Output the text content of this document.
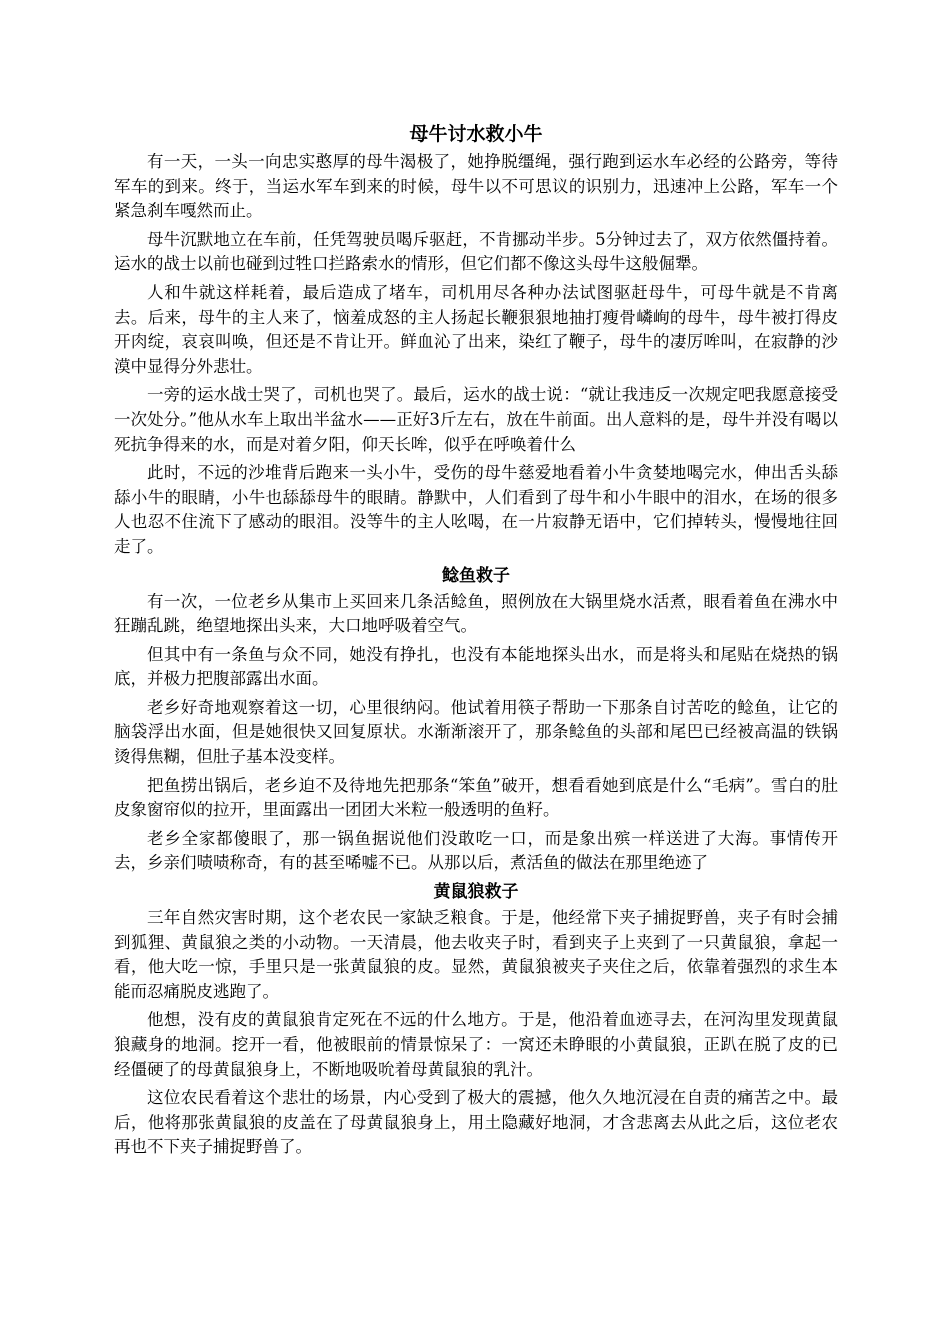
母牛讨水救小牛

有一天，一头一向忠实憨厚的母牛渴极了，她挣脱缰绳，强行跑到运水车必经的公路旁，等待军车的到来。终于，当运水军车到来的时候，母牛以不可思议的识别力，迅速冲上公路，军车一个紧急刹车嘎然而止。

母牛沉默地立在车前，任凭驾驶员喝斥驱赶，不肯挪动半步。5分钟过去了，双方依然僵持着。运水的战士以前也碰到过牲口拦路索水的情形，但它们都不像这头母牛这般倔犟。

人和牛就这样耗着，最后造成了堵车，司机用尽各种办法试图驱赶母牛，可母牛就是不肯离去。后来，母牛的主人来了，恼羞成怒的主人扬起长鞭狠狠地抽打瘦骨嶙峋的母牛，母牛被打得皮开肉绽，哀哀叫唤，但还是不肯让开。鲜血沁了出来，染红了鞭子，母牛的凄厉哞叫，在寂静的沙漠中显得分外悲壮。

一旁的运水战士哭了，司机也哭了。最后，运水的战士说：“就让我违反一次规定吧我愿意接受一次处分。”他从水车上取出半盆水——正好3斤左右，放在牛前面。出人意料的是，母牛并没有喝以死抗争得来的水，而是对着夕阳，仰天长哞，似乎在呼唤着什么

此时，不远的沙堆背后跑来一头小牛，受伤的母牛慈爱地看着小牛贪婪地喝完水，伸出舌头舔舔小牛的眼睛，小牛也舔舔母牛的眼睛。静默中，人们看到了母牛和小牛眼中的泪水，在场的很多人也忍不住流下了感动的眼泪。没等牛的主人吆喝，在一片寂静无语中，它们掉转头，慢慢地往回走了。

鲶鱼救子

有一次，一位老乡从集市上买回来几条活鲶鱼，照例放在大锅里烧水活煮，眼看着鱼在沸水中狂蹦乱跳，绝望地探出头来，大口地呼吸着空气。

但其中有一条鱼与众不同，她没有挣扎，也没有本能地探头出水，而是将头和尾贴在烧热的锅底，并极力把腹部露出水面。

老乡好奇地观察着这一切，心里很纳闷。他试着用筷子帮助一下那条自讨苦吃的鲶鱼，让它的脑袋浮出水面，但是她很快又回复原状。水渐渐滚开了，那条鲶鱼的头部和尾巴已经被高温的铁锅烫得焦糊，但肚子基本没变样。

把鱼捞出锅后，老乡迫不及待地先把那条“笨鱼”破开，想看看她到底是什么“毛病”。雪白的肚皮象窗帘似的拉开，里面露出一团团大米粒一般透明的鱼籽。

老乡全家都傻眼了，那一锅鱼据说他们没敢吃一口，而是象出殡一样送进了大海。事情传开去，乡亲们啧啧称奇，有的甚至唏嘘不已。从那以后，煮活鱼的做法在那里绝迹了

黄鼠狼救子

三年自然灾害时期，这个老农民一家缺乏粮食。于是，他经常下夹子捕捉野兽，夹子有时会捕到狐狸、黄鼠狼之类的小动物。一天清晨，他去收夹子时，看到夹子上夹到了一只黄鼠狼，拿起一看，他大吃一惊，手里只是一张黄鼠狼的皮。显然，黄鼠狼被夹子夹住之后，依靠着强烈的求生本能而忍痛脱皮逃跑了。

他想，没有皮的黄鼠狼肯定死在不远的什么地方。于是，他沿着血迹寻去，在河沟里发现黄鼠狼藏身的地洞。挖开一看，他被眼前的情景惊呆了：一窝还未睁眼的小黄鼠狼，正趴在脱了皮的已经僵硬了的母黄鼠狼身上，不断地吸吮着母黄鼠狼的乳汁。

这位农民看着这个悲壮的场景，内心受到了极大的震撼，他久久地沉浸在自责的痛苦之中。最后，他将那张黄鼠狼的皮盖在了母黄鼠狼身上，用土隐藏好地洞，才含悲离去从此之后，这位老农再也不下夹子捕捉野兽了。
